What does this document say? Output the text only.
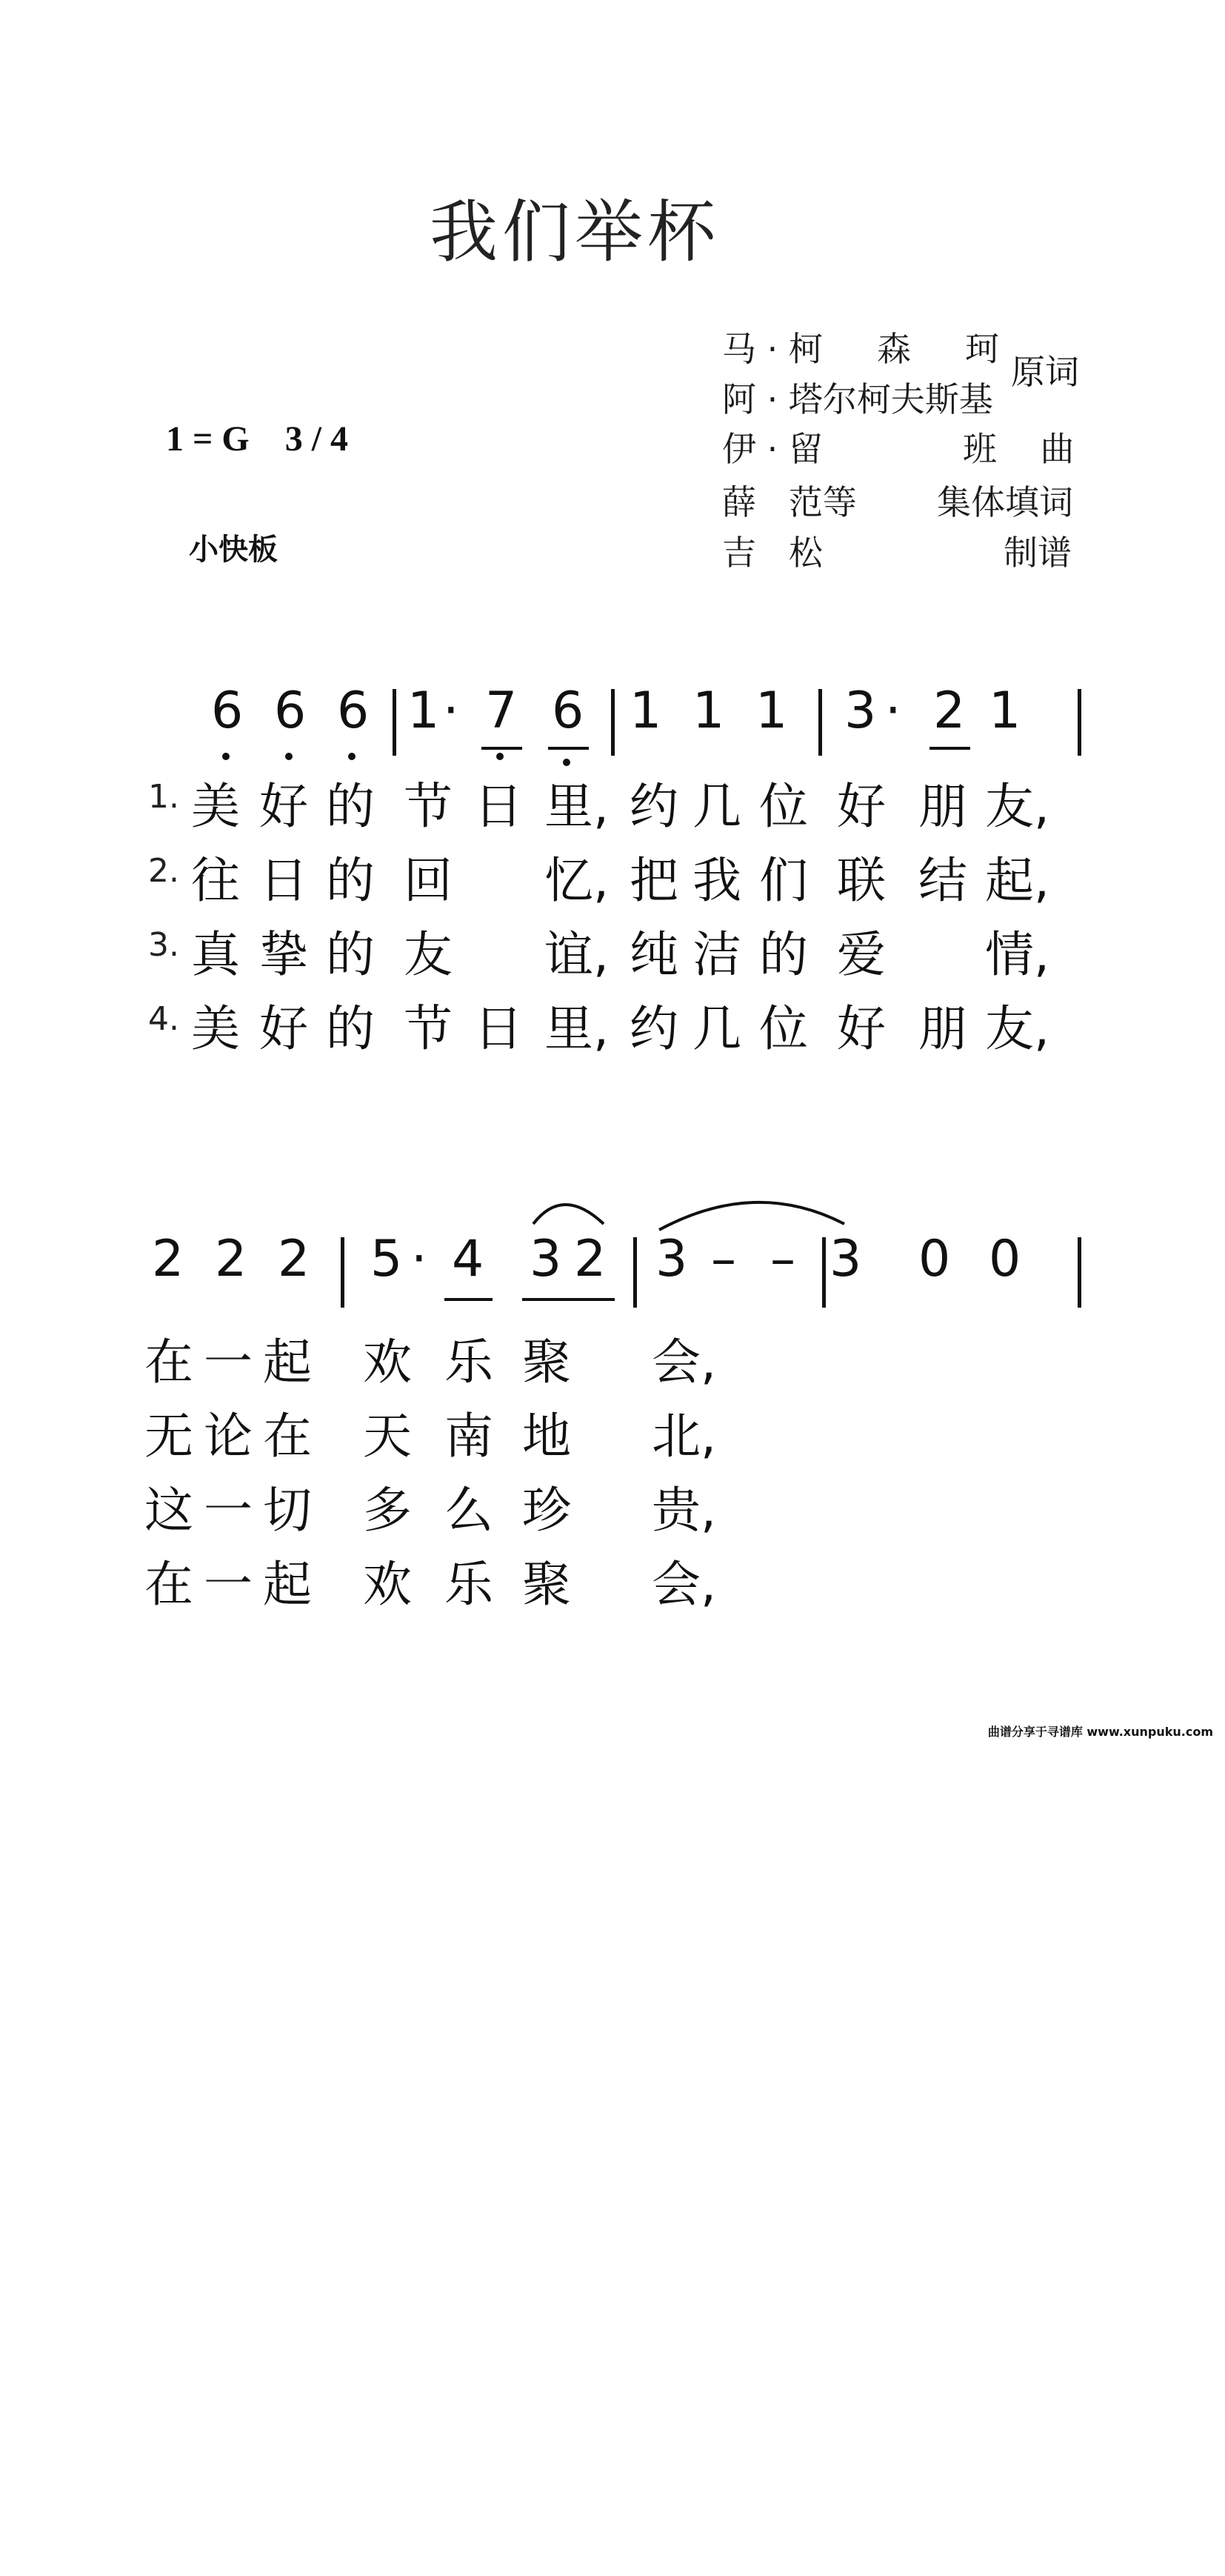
我们举杯

1 = G 3 / 4

小快板
马 · 柯     森     珂
阿 · 塔尔柯夫斯基
原词
伊 · 留	班    曲
薛   范等 集体填词
吉   松	制谱

6

6

6

1

·

7

6

1

1

1

3

·

2

1

1. 美 好 的 节 日 里, 约 几 位 好 朋 友,
2. 往 日 的 回 忆, 把 我 们 联 结 起,
3. 真 挚 的 友 谊, 纯 洁 的 爱 情,
4. 美 好 的 节 日 里, 约 几 位 好 朋 友,

2

2

2

5

·

4

3

2

3

–

–

3

0

0

在 一 起 欢 乐 聚 会,
无 论 在 天 南 地 北,
这 一 切 多 么 珍 贵,
在 一 起 欢 乐 聚 会,
曲谱分享于寻谱库 www.xunpuku.com
